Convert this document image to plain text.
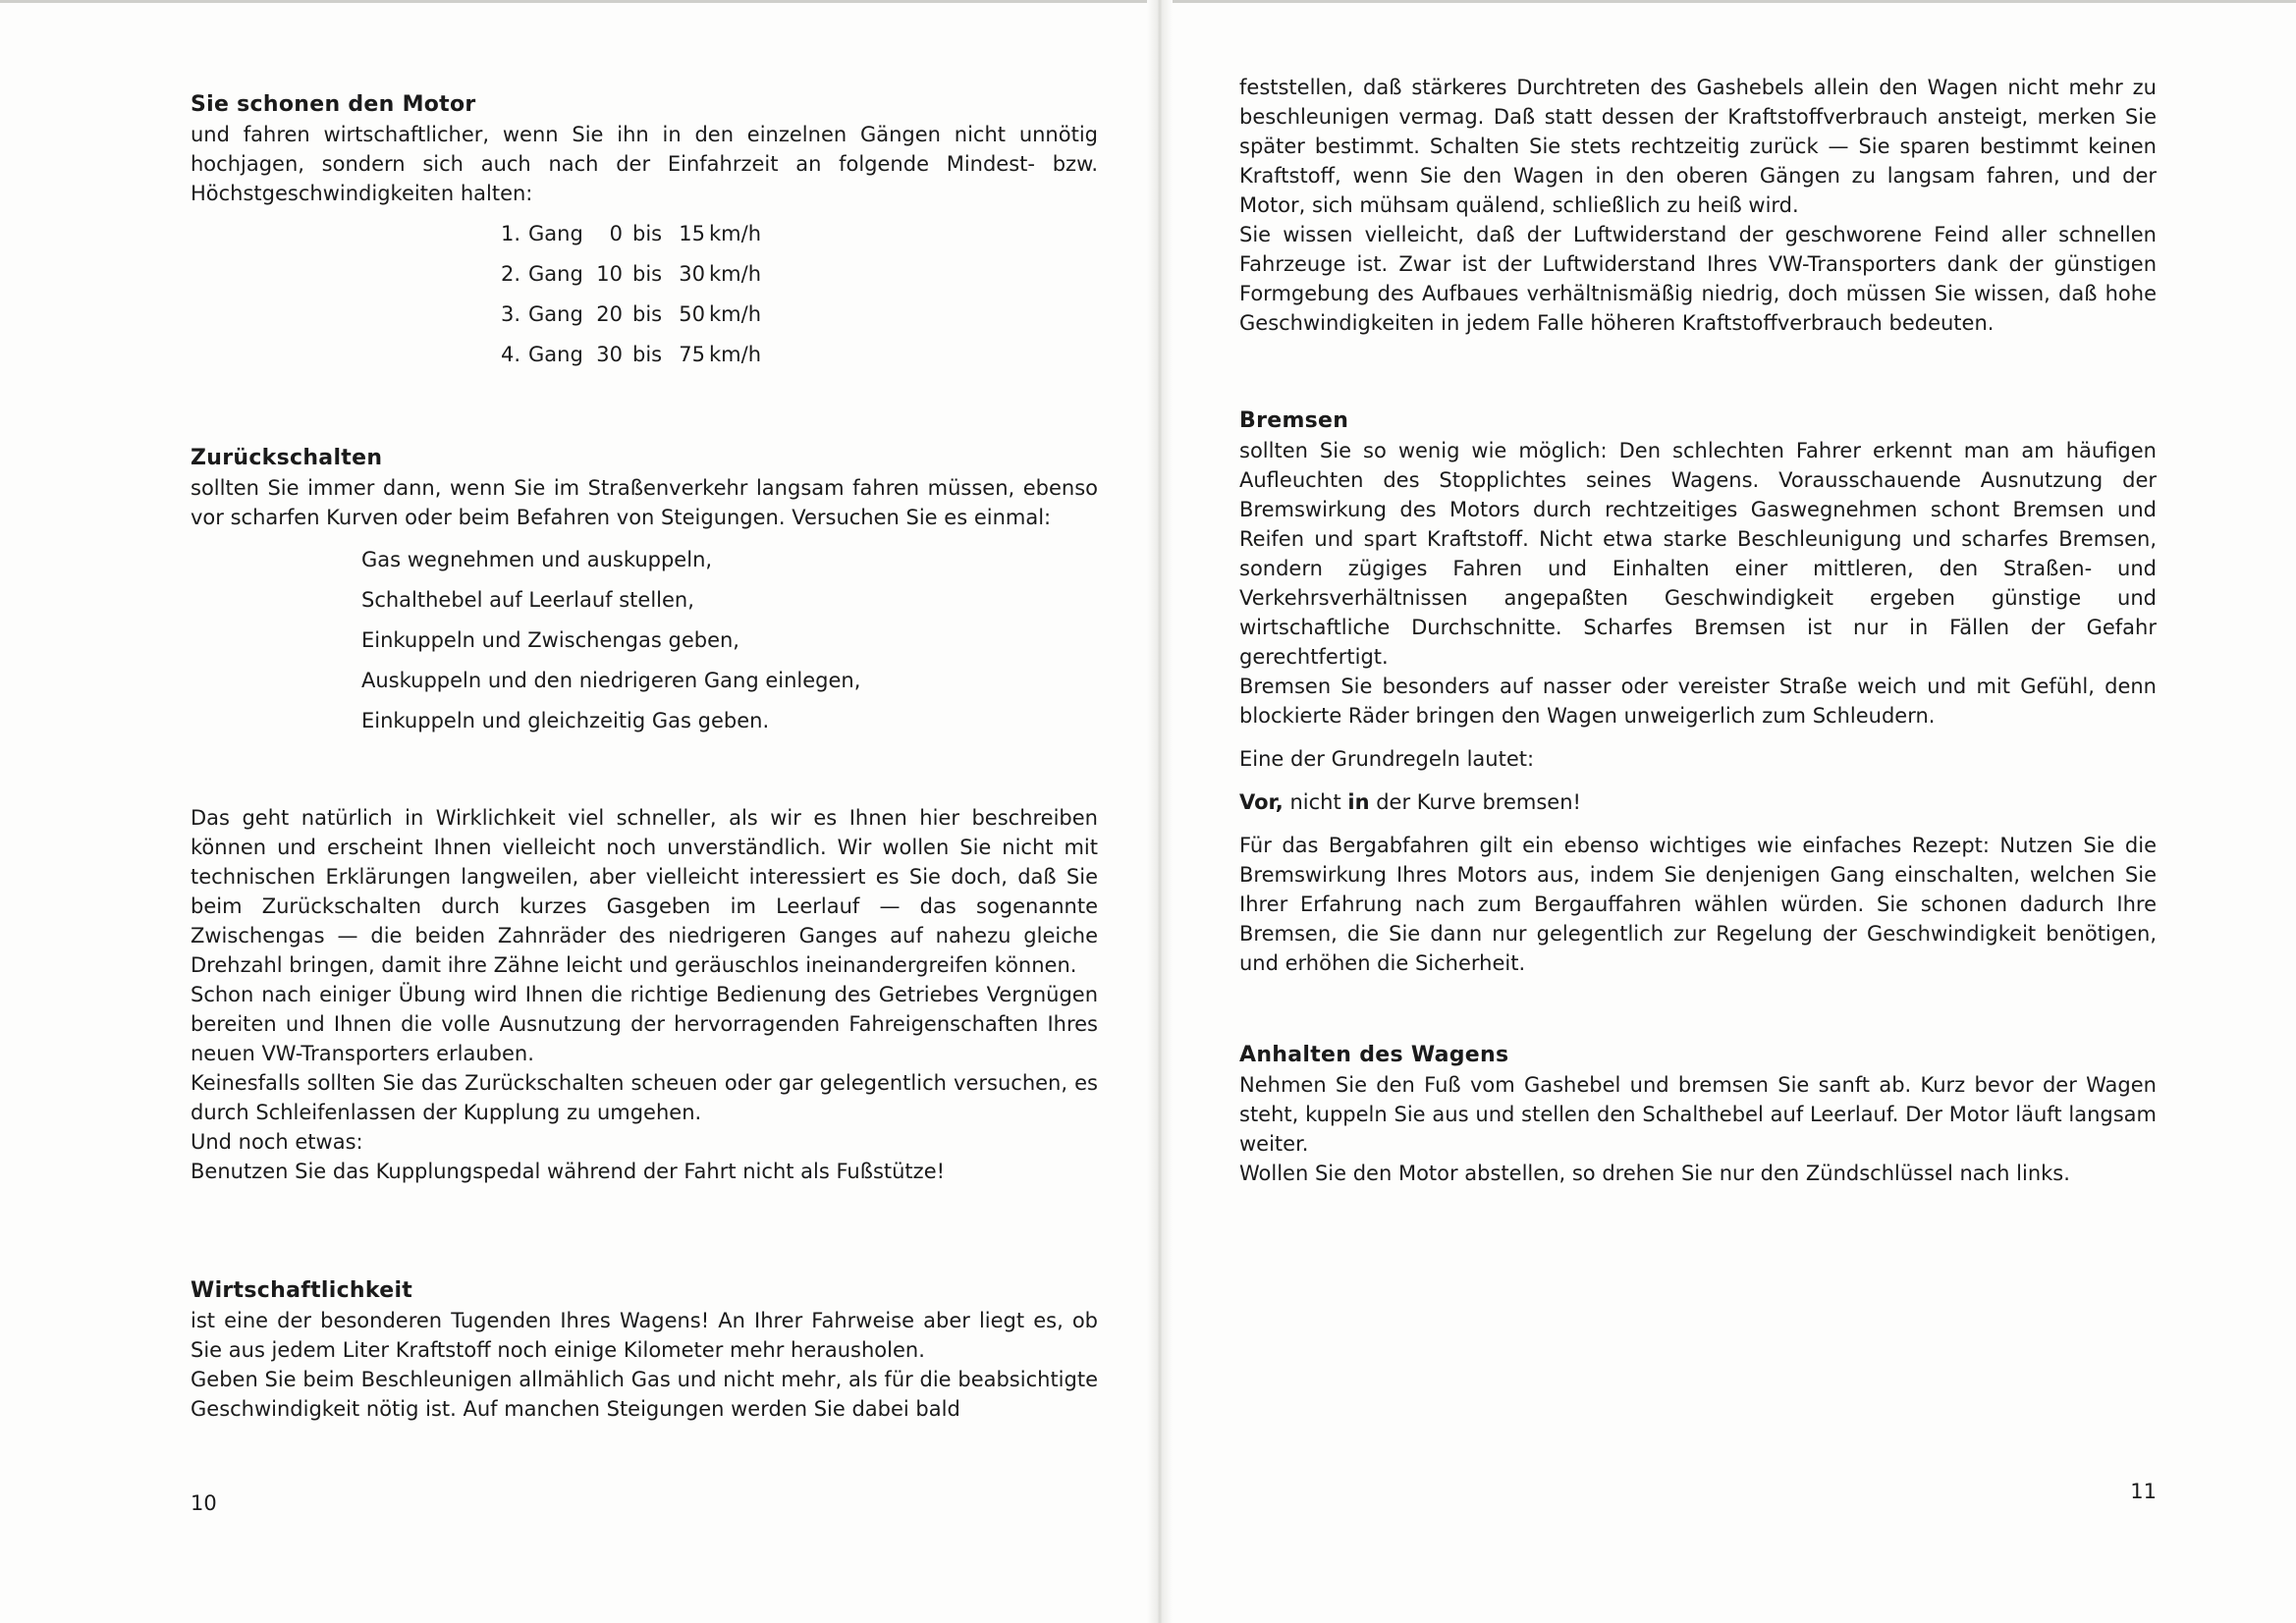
Sie schonen den Motor

und fahren wirtschaftlicher, wenn Sie ihn in den einzelnen Gängen nicht unnötig hochjagen, sondern sich auch nach der Einfahrzeit an folgende Mindest- bzw. Höchstgeschwindigkeiten halten:

1. Gang 0 bis 15 km/h
2. Gang 10 bis 30 km/h
3. Gang 20 bis 50 km/h
4. Gang 30 bis 75 km/h
Zurückschalten

sollten Sie immer dann, wenn Sie im Straßenverkehr langsam fahren müssen, ebenso vor scharfen Kurven oder beim Befahren von Steigungen. Versuchen Sie es einmal:

Gas wegnehmen und auskuppeln,
Schalthebel auf Leerlauf stellen,
Einkuppeln und Zwischengas geben,
Auskuppeln und den niedrigeren Gang einlegen,
Einkuppeln und gleichzeitig Gas geben.

Das geht natürlich in Wirklichkeit viel schneller, als wir es Ihnen hier beschreiben können und erscheint Ihnen vielleicht noch unverständlich. Wir wollen Sie nicht mit technischen Erklärungen langweilen, aber vielleicht interessiert es Sie doch, daß Sie beim Zurückschalten durch kurzes Gasgeben im Leerlauf — das sogenannte Zwischengas — die beiden Zahnräder des niedrigeren Ganges auf nahezu gleiche Drehzahl bringen, damit ihre Zähne leicht und geräuschlos ineinandergreifen können.

Schon nach einiger Übung wird Ihnen die richtige Bedienung des Getriebes Vergnügen bereiten und Ihnen die volle Ausnutzung der hervorragenden Fahreigenschaften Ihres neuen VW-Transporters erlauben.

Keinesfalls sollten Sie das Zurückschalten scheuen oder gar gelegentlich versuchen, es durch Schleifenlassen der Kupplung zu umgehen.

Und noch etwas:

Benutzen Sie das Kupplungspedal während der Fahrt nicht als Fußstütze!

Wirtschaftlichkeit

ist eine der besonderen Tugenden Ihres Wagens! An Ihrer Fahrweise aber liegt es, ob Sie aus jedem Liter Kraftstoff noch einige Kilometer mehr herausholen.

Geben Sie beim Beschleunigen allmählich Gas und nicht mehr, als für die beabsichtigte Geschwindigkeit nötig ist. Auf manchen Steigungen werden Sie dabei bald

10

feststellen, daß stärkeres Durchtreten des Gashebels allein den Wagen nicht mehr zu beschleunigen vermag. Daß statt dessen der Kraftstoffverbrauch ansteigt, merken Sie später bestimmt. Schalten Sie stets rechtzeitig zurück — Sie sparen bestimmt keinen Kraftstoff, wenn Sie den Wagen in den oberen Gängen zu langsam fahren, und der Motor, sich mühsam quälend, schließlich zu heiß wird.

Sie wissen vielleicht, daß der Luftwiderstand der geschworene Feind aller schnellen Fahrzeuge ist. Zwar ist der Luftwiderstand Ihres VW-Transporters dank der günstigen Formgebung des Aufbaues verhältnismäßig niedrig, doch müssen Sie wissen, daß hohe Geschwindigkeiten in jedem Falle höheren Kraftstoffverbrauch bedeuten.

Bremsen

sollten Sie so wenig wie möglich: Den schlechten Fahrer erkennt man am häufigen Aufleuchten des Stopplichtes seines Wagens. Vorausschauende Ausnutzung der Bremswirkung des Motors durch rechtzeitiges Gaswegnehmen schont Bremsen und Reifen und spart Kraftstoff. Nicht etwa starke Beschleunigung und scharfes Bremsen, sondern zügiges Fahren und Einhalten einer mittleren, den Straßen- und Verkehrsverhältnissen angepaßten Geschwindigkeit ergeben günstige und wirtschaftliche Durchschnitte. Scharfes Bremsen ist nur in Fällen der Gefahr gerechtfertigt.

Bremsen Sie besonders auf nasser oder vereister Straße weich und mit Gefühl, denn blockierte Räder bringen den Wagen unweigerlich zum Schleudern.

Eine der Grundregeln lautet:

Vor, nicht in der Kurve bremsen!

Für das Bergabfahren gilt ein ebenso wichtiges wie einfaches Rezept: Nutzen Sie die Bremswirkung Ihres Motors aus, indem Sie denjenigen Gang einschalten, welchen Sie Ihrer Erfahrung nach zum Bergauffahren wählen würden. Sie schonen dadurch Ihre Bremsen, die Sie dann nur gelegentlich zur Regelung der Geschwindigkeit benötigen, und erhöhen die Sicherheit.

Anhalten des Wagens

Nehmen Sie den Fuß vom Gashebel und bremsen Sie sanft ab. Kurz bevor der Wagen steht, kuppeln Sie aus und stellen den Schalthebel auf Leerlauf. Der Motor läuft langsam weiter.

Wollen Sie den Motor abstellen, so drehen Sie nur den Zündschlüssel nach links.

11
